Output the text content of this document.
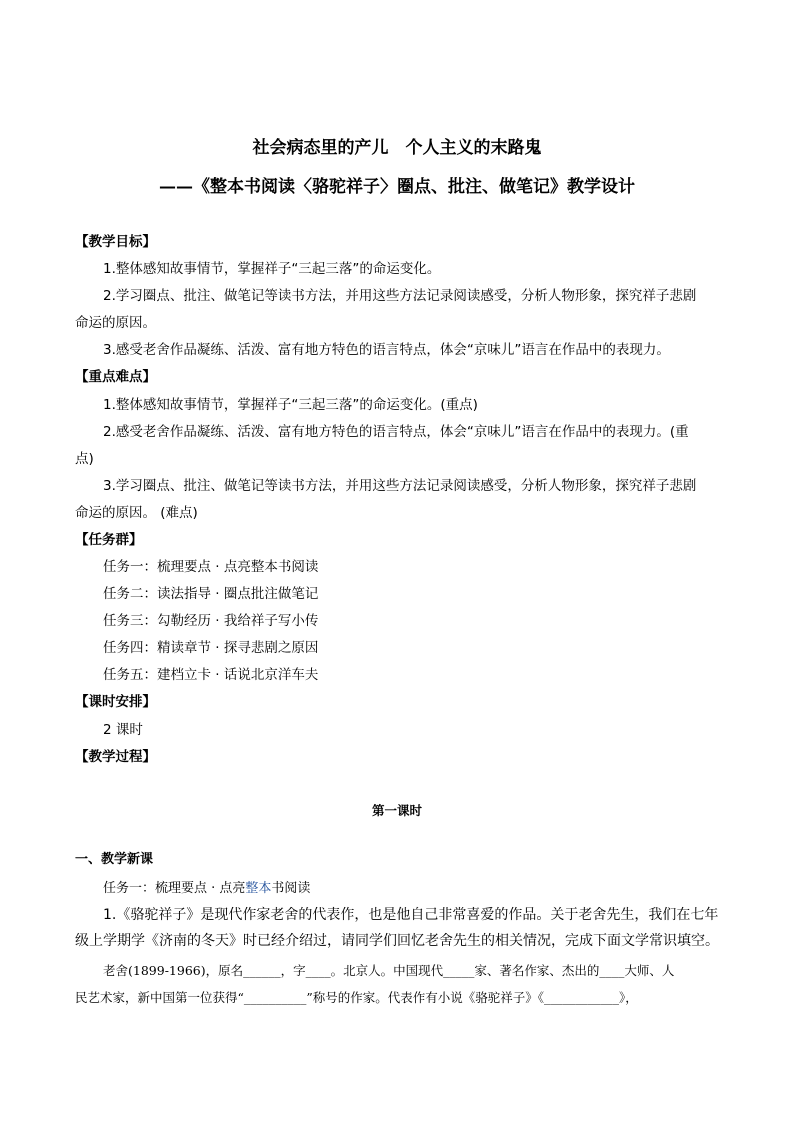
社会病态里的产儿　个人主义的末路鬼
——《整本书阅读〈骆驼祥子〉圈点、批注、做笔记》教学设计
【教学目标】
1.整体感知故事情节，掌握祥子“三起三落”的命运变化。
2.学习圈点、批注、做笔记等读书方法，并用这些方法记录阅读感受，分析人物形象，探究祥子悲剧
命运的原因。
3.感受老舍作品凝练、活泼、富有地方特色的语言特点，体会“京味儿”语言在作品中的表现力。
【重点难点】
1.整体感知故事情节，掌握祥子“三起三落”的命运变化。(重点)
2.感受老舍作品凝练、活泼、富有地方特色的语言特点，体会“京味儿”语言在作品中的表现力。(重
点)
3.学习圈点、批注、做笔记等读书方法，并用这些方法记录阅读感受，分析人物形象，探究祥子悲剧
命运的原因。 (难点)
【任务群】
任务一：梳理要点 · 点亮整本书阅读
任务二：读法指导 · 圈点批注做笔记
任务三：勾勒经历 · 我给祥子写小传
任务四：精读章节 · 探寻悲剧之原因
任务五：建档立卡 · 话说北京洋车夫
【课时安排】
2 课时
【教学过程】
第一课时
一、教学新课
任务一：梳理要点 · 点亮整本书阅读
1.《骆驼祥子》是现代作家老舍的代表作，也是他自己非常喜爱的作品。关于老舍先生，我们在七年
级上学期学《济南的冬天》时已经介绍过，请同学们回忆老舍先生的相关情况，完成下面文学常识填空。
老舍(1899-1966)，原名______，字____。北京人。中国现代_____家、著名作家、杰出的____大师、人
民艺术家，新中国第一位获得“__________”称号的作家。代表作有小说《骆驼祥子》《____________》，
